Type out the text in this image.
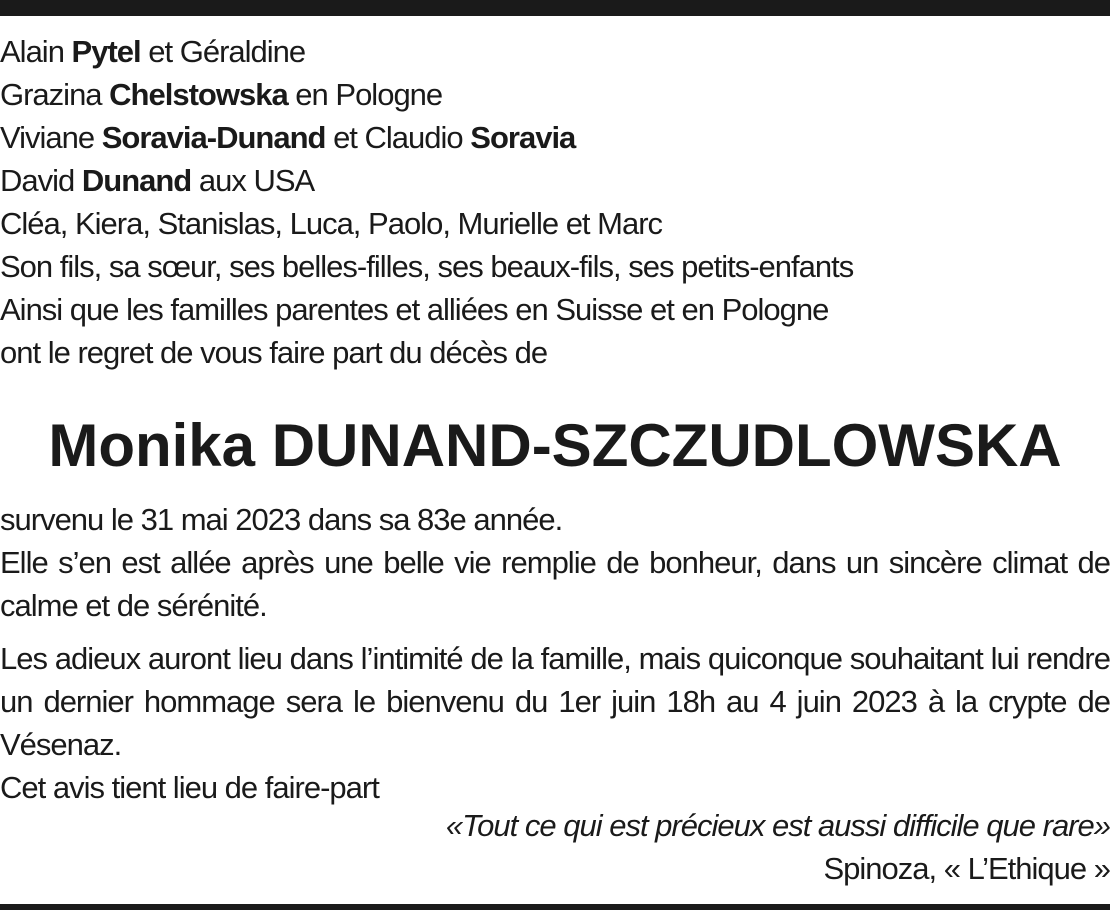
Alain Pytel et Géraldine
Grazina Chelstowska en Pologne
Viviane Soravia-Dunand et Claudio Soravia
David Dunand aux USA
Cléa, Kiera, Stanislas, Luca, Paolo, Murielle et Marc
Son fils, sa sœur, ses belles-filles, ses beaux-fils, ses petits-enfants
Ainsi que les familles parentes et alliées en Suisse et en Pologne
ont le regret de vous faire part du décès de
Monika DUNAND-SZCZUDLOWSKA

survenu le 31 mai 2023 dans sa 83e année.

Elle s’en est allée après une belle vie remplie de bonheur, dans un sincère climat de calme et de sérénité.

Les adieux auront lieu dans l’intimité de la famille, mais quiconque souhaitant lui rendre un dernier hommage sera le bienvenu du 1er juin 18h au 4 juin 2023 à la crypte de Vésenaz.

Cet avis tient lieu de faire-part

«Tout ce qui est précieux est aussi difficile que rare»
Spinoza, « L’Ethique »
